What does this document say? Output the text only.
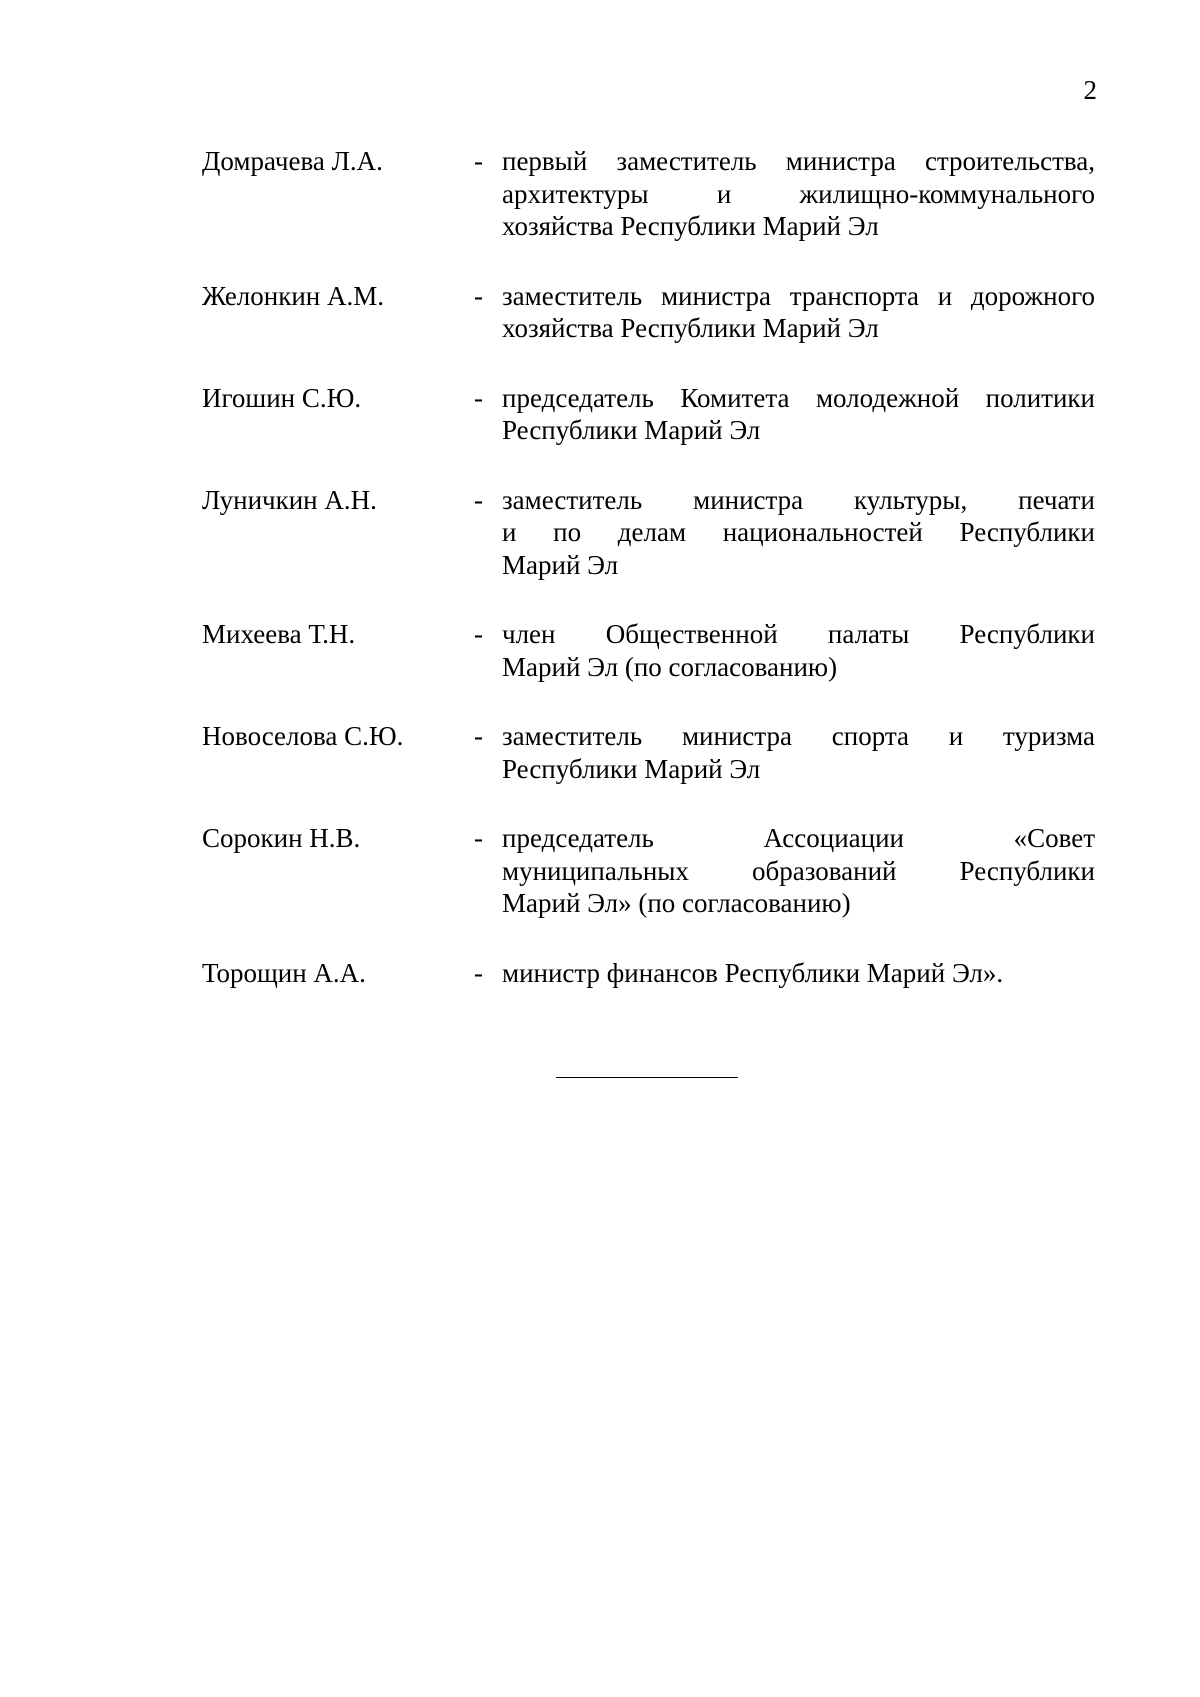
2
Домрачева Л.А.	- первый заместитель министра строительства,
архитектуры и жилищно-коммунального
хозяйства Республики Марий Эл
Желонкин А.М.	- заместитель министра транспорта и дорожного
хозяйства Республики Марий Эл
Игошин С.Ю.	- председатель Комитета молодежной политики
Республики Марий Эл
Луничкин А.Н.	- заместитель министра культуры, печати
и по делам национальностей Республики
Марий Эл
Михеева Т.Н.	- член Общественной палаты Республики
Марий Эл (по согласованию)
Новоселова С.Ю.	- заместитель министра спорта и туризма
Республики Марий Эл
Сорокин Н.В.	- председатель Ассоциации «Совет
муниципальных образований Республики
Марий Эл» (по согласованию)
Торощин А.А.	- министр финансов Республики Марий Эл».
